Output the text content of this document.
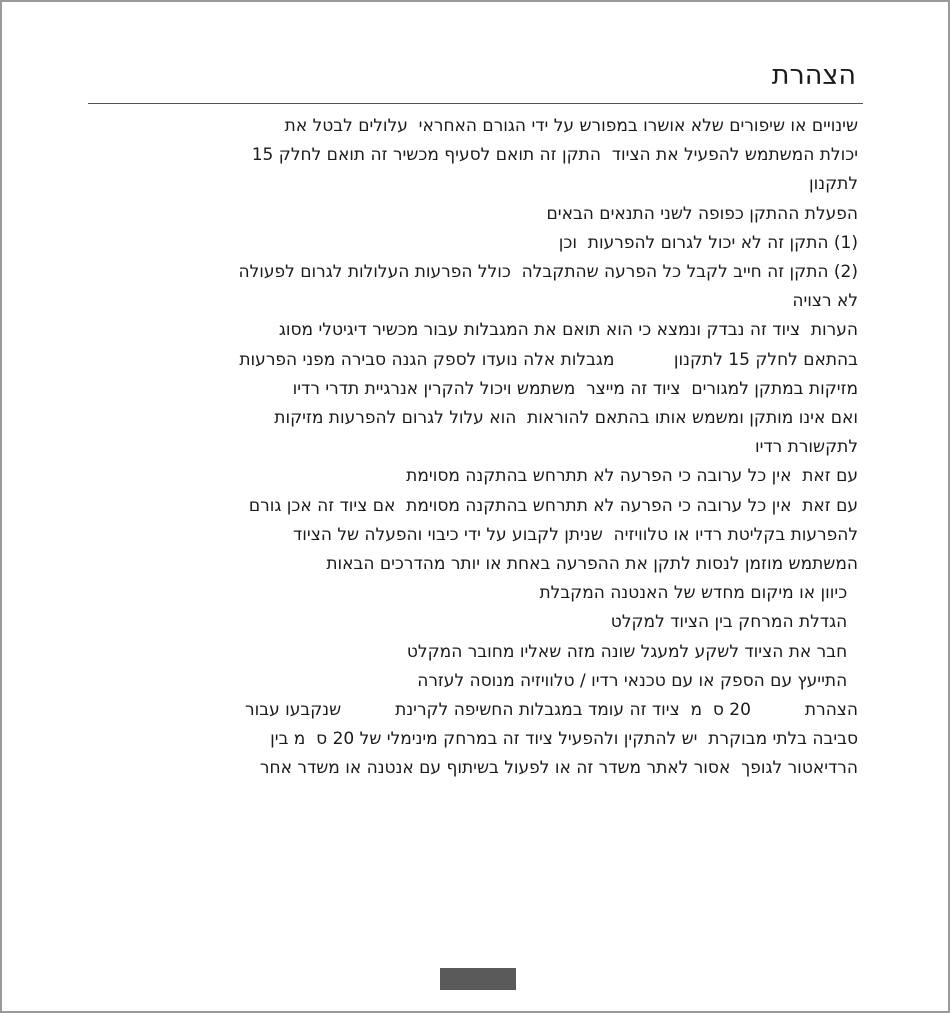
הצהרת
שינויים או שיפורים שלא אושרו במפורש על ידי הגורם האחראי  עלולים לבטל את
יכולת המשתמש להפעיל את הציוד  התקן זה תואם לסעיף מכשיר זה תואם לחלק 15
לתקנון
הפעלת ההתקן כפופה לשני התנאים הבאים
(1) התקן זה לא יכול לגרום להפרעות  וכן
(2) התקן זה חייב לקבל כל הפרעה שהתקבלה  כולל הפרעות העלולות לגרום לפעולה
לא רצויה
הערות  ציוד זה נבדק ונמצא כי הוא תואם את המגבלות עבור מכשיר דיגיטלי מסוג
בהתאם לחלק 15 לתקנון           מגבלות אלה נועדו לספק הגנה סבירה מפני הפרעות
מזיקות במתקן למגורים  ציוד זה מייצר  משתמש ויכול להקרין אנרגיית תדרי רדיו
ואם אינו מותקן ומשמש אותו בהתאם להוראות  הוא עלול לגרום להפרעות מזיקות
לתקשורת רדיו
עם זאת  אין כל ערובה כי הפרעה לא תתרחש בהתקנה מסוימת
עם זאת  אין כל ערובה כי הפרעה לא תתרחש בהתקנה מסוימת  אם ציוד זה אכן גורם
להפרעות בקליטת רדיו או טלוויזיה  שניתן לקבוע על ידי כיבוי והפעלה של הציוד
המשתמש מוזמן לנסות לתקן את ההפרעה באחת או יותר מהדרכים הבאות
כיוון או מיקום מחדש של האנטנה המקבלת
הגדלת המרחק בין הציוד למקלט
חבר את הציוד לשקע למעגל שונה מזה שאליו מחובר המקלט
התייעץ עם הספק או עם טכנאי רדיו / טלוויזיה מנוסה לעזרה
הצהרת          20 ס  מ  ציוד זה עומד במגבלות החשיפה לקרינת          שנקבעו עבור
סביבה בלתי מבוקרת  יש להתקין ולהפעיל ציוד זה במרחק מינימלי של 20 ס  מ בין
הרדיאטור לגופך  אסור לאתר משדר זה או לפעול בשיתוף עם אנטנה או משדר אחר
